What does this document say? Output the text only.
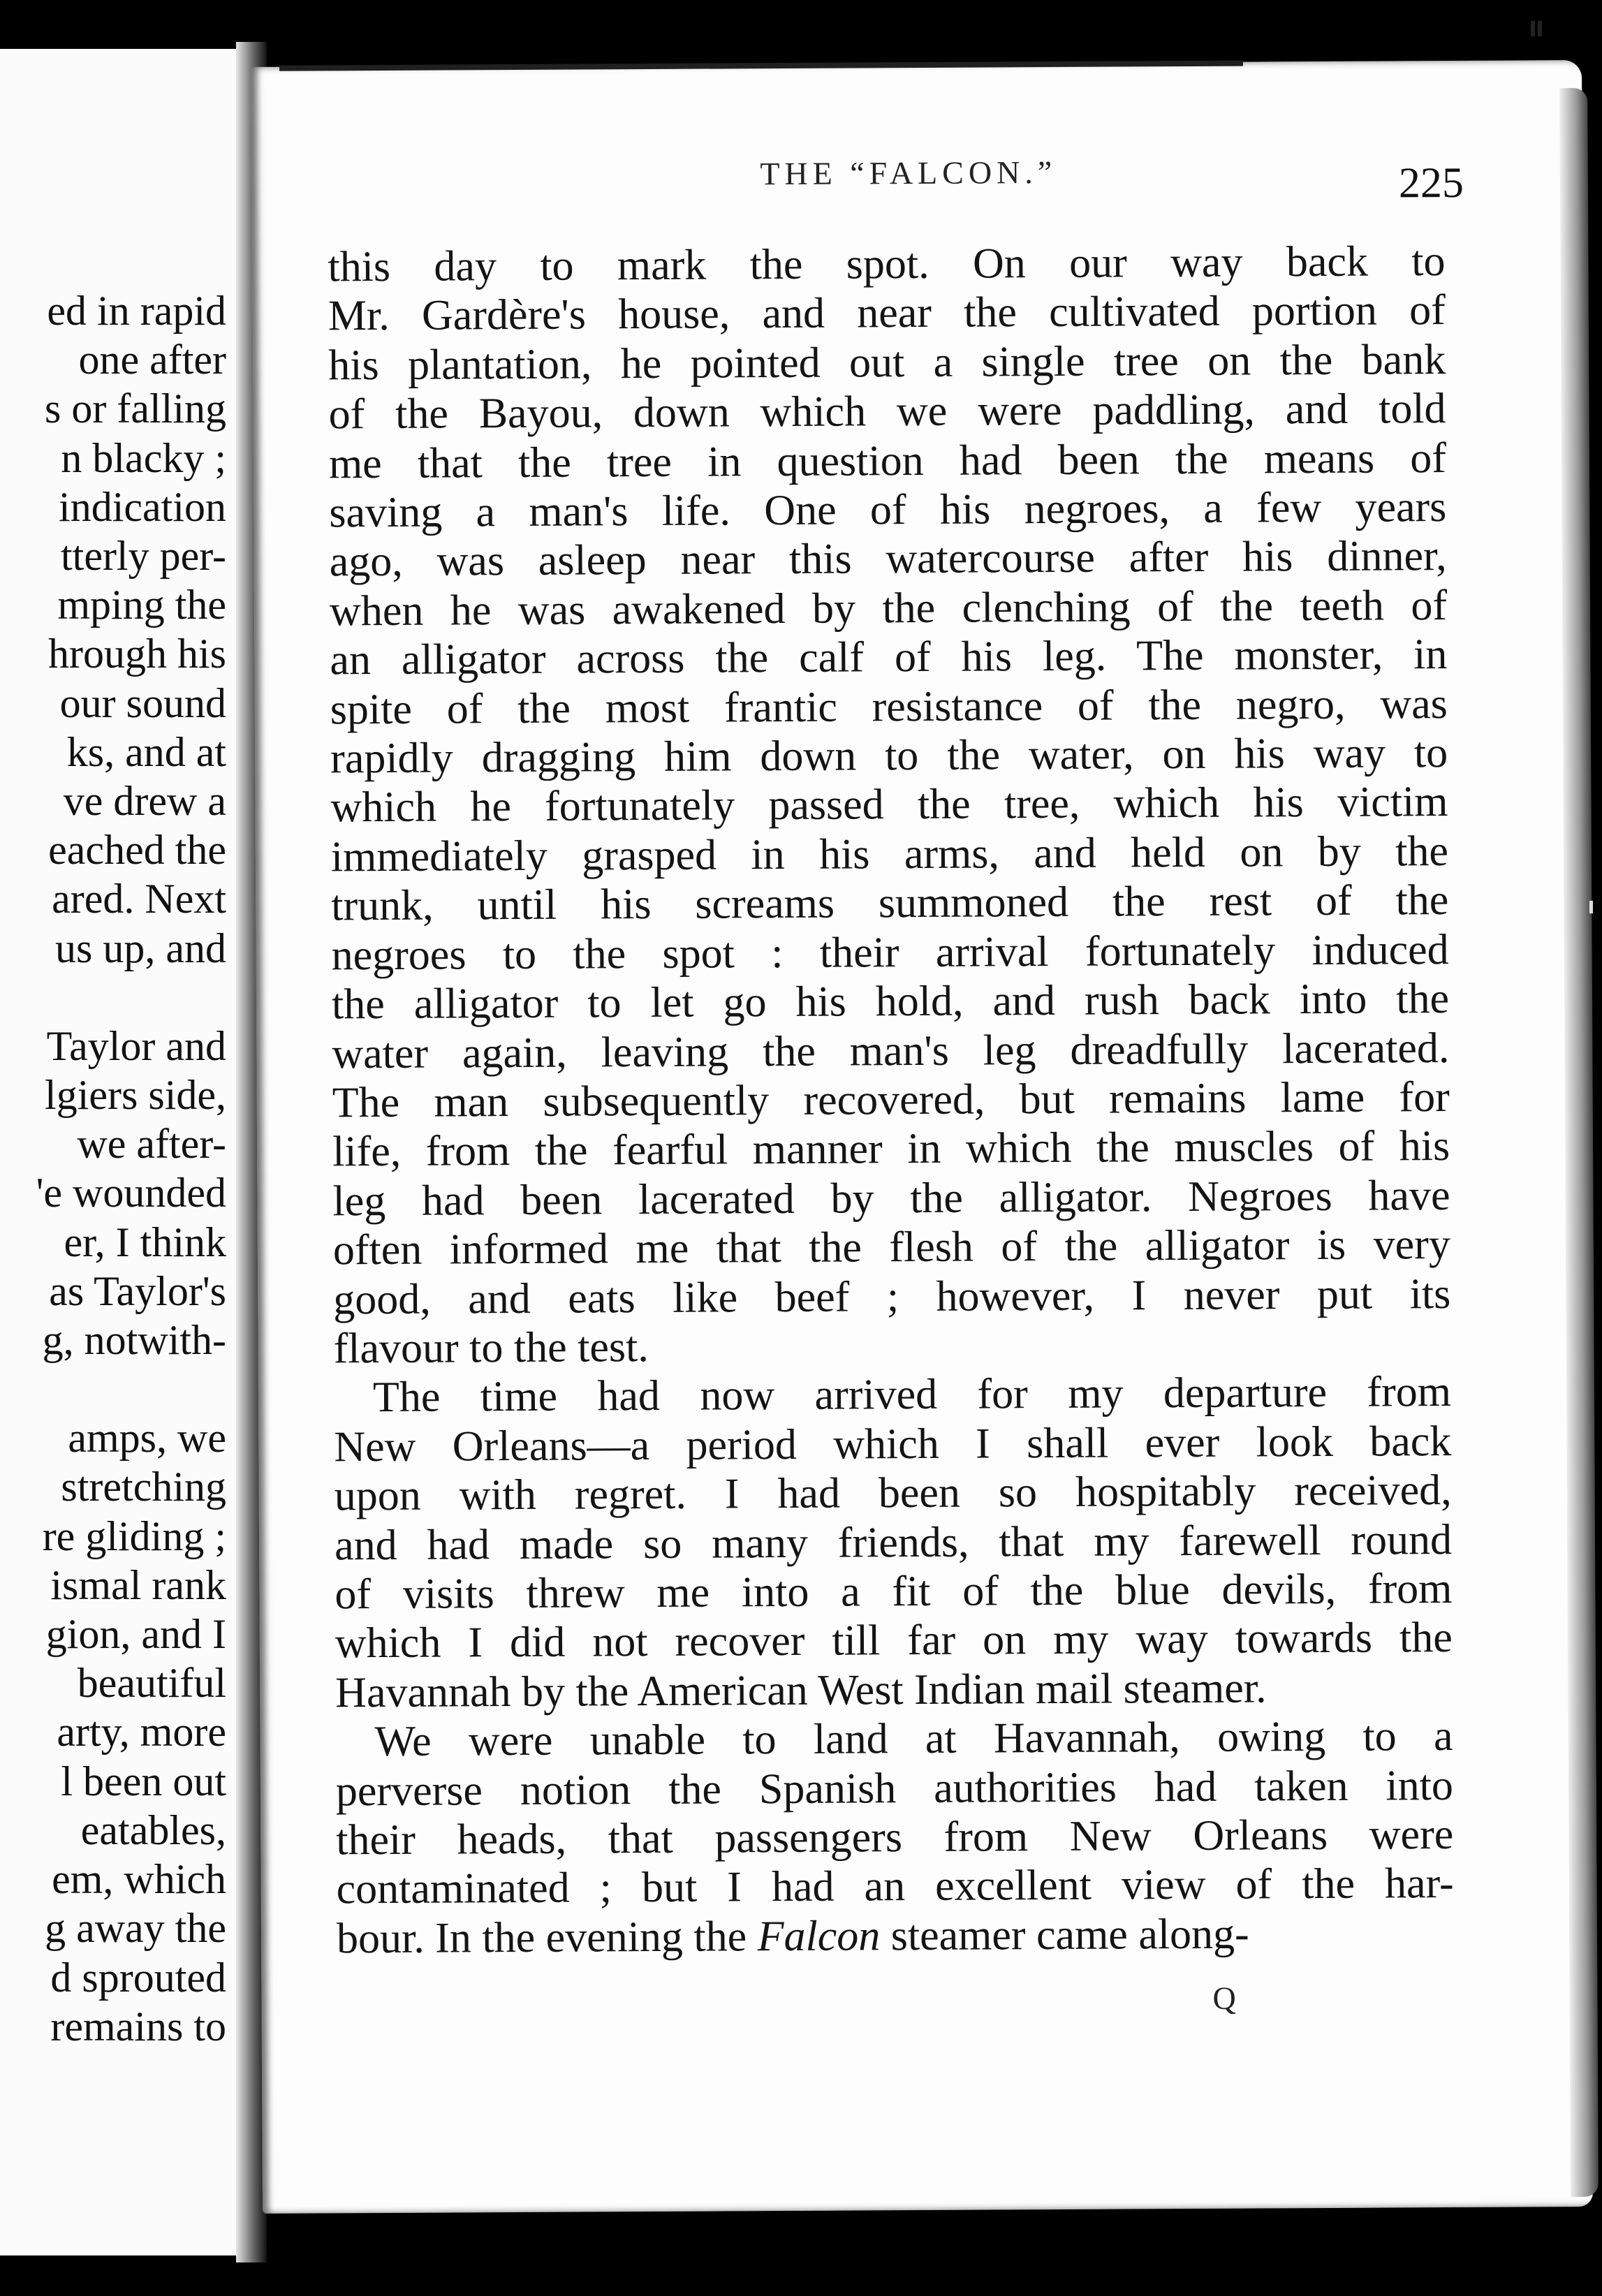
ed in rapid
one after
s or falling
n blacky ;
indication
tterly per-
mping the
hrough his
our sound
ks, and at
ve drew a
eached the
ared. Next
us up, and
Taylor and
lgiers side,
we after-
'e wounded
er, I think
as Taylor's
g, notwith-
amps, we
stretching
re gliding ;
ismal rank
gion, and I
beautiful
arty, more
l been out
eatables,
em, which
g away the
d sprouted
remains to
THE “FALCON.”	225
this day to mark the spot. On our way back to
Mr. Gardère's house, and near the cultivated portion of
his plantation, he pointed out a single tree on the bank
of the Bayou, down which we were paddling, and told
me that the tree in question had been the means of
saving a man's life. One of his negroes, a few years
ago, was asleep near this watercourse after his dinner,
when he was awakened by the clenching of the teeth of
an alligator across the calf of his leg. The monster, in
spite of the most frantic resistance of the negro, was
rapidly dragging him down to the water, on his way to
which he fortunately passed the tree, which his victim
immediately grasped in his arms, and held on by the
trunk, until his screams summoned the rest of the
negroes to the spot : their arrival fortunately induced
the alligator to let go his hold, and rush back into the
water again, leaving the man's leg dreadfully lacerated.
The man subsequently recovered, but remains lame for
life, from the fearful manner in which the muscles of his
leg had been lacerated by the alligator. Negroes have
often informed me that the flesh of the alligator is very
good, and eats like beef ; however, I never put its
flavour to the test.
The time had now arrived for my departure from
New Orleans—a period which I shall ever look back
upon with regret. I had been so hospitably received,
and had made so many friends, that my farewell round
of visits threw me into a fit of the blue devils, from
which I did not recover till far on my way towards the
Havannah by the American West Indian mail steamer.
We were unable to land at Havannah, owing to a
perverse notion the Spanish authorities had taken into
their heads, that passengers from New Orleans were
contaminated ; but I had an excellent view of the har-
bour. In the evening the Falcon steamer came along-
Q
